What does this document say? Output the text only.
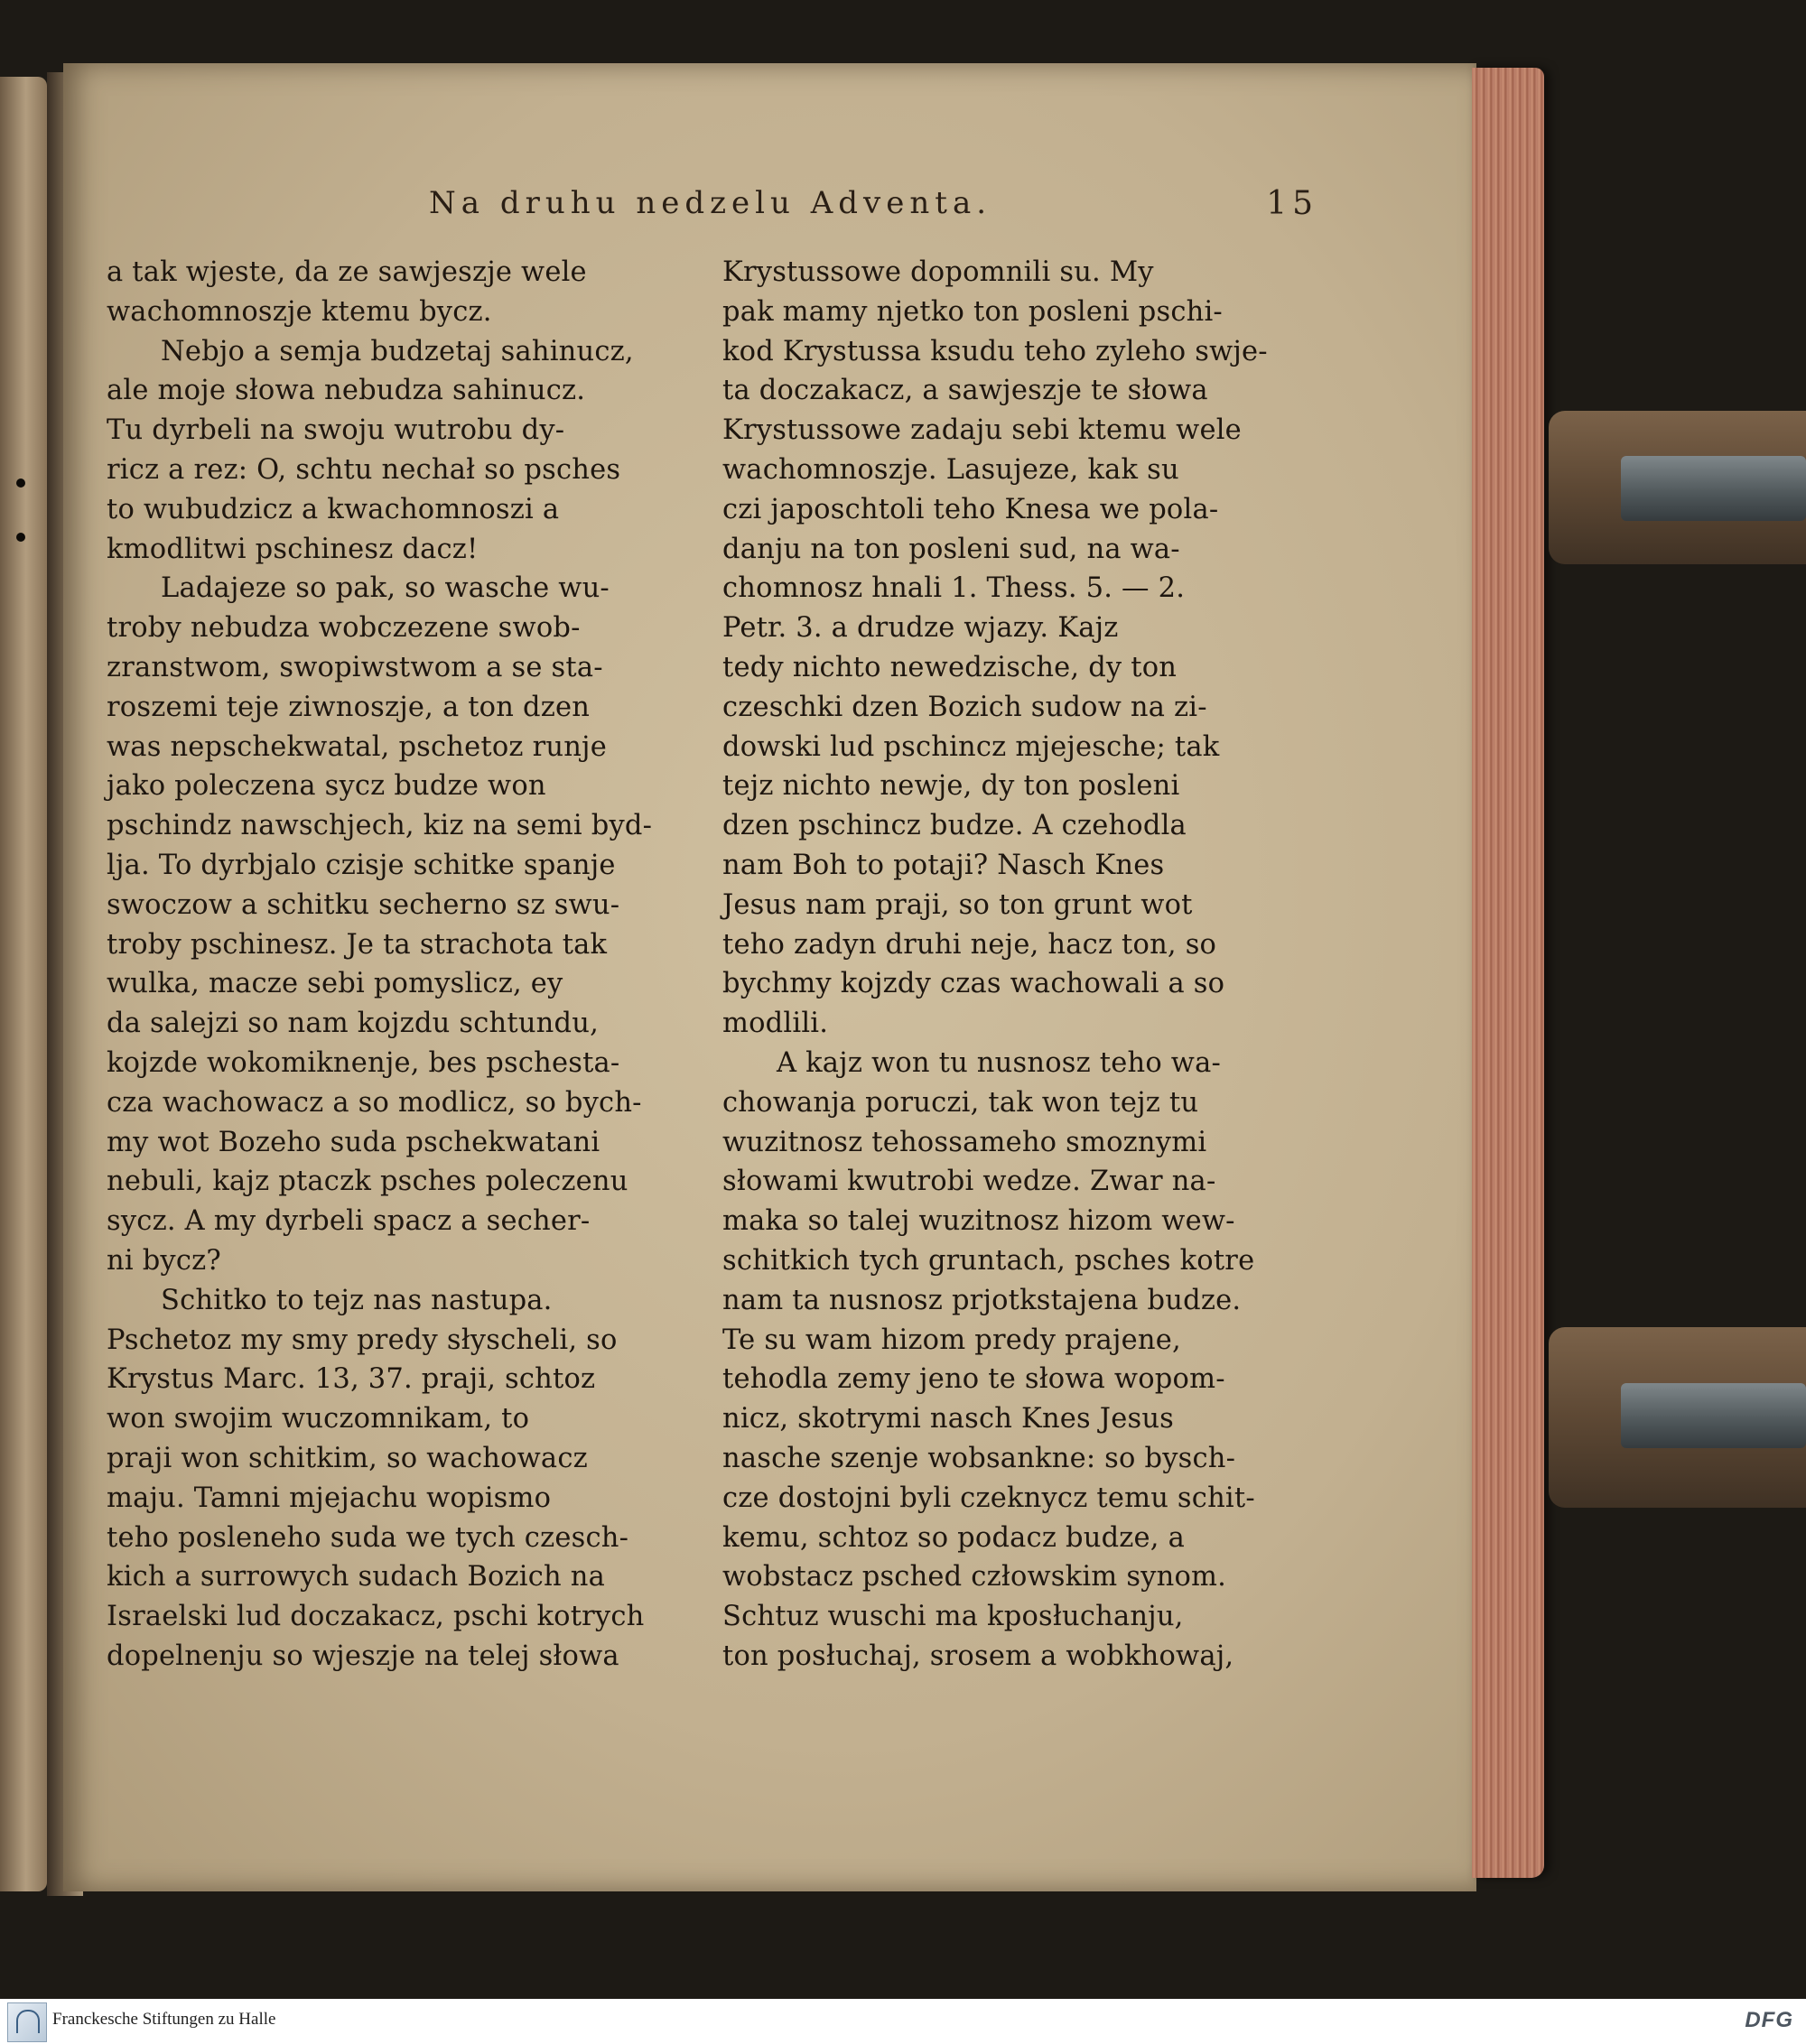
Na druhu nedzelu Adventa.	15

a tak wjeste, da ze sawjeszje wele

wachomnoszje ktemu bycz.

Nebjo a semja budzetaj sahinucz,

ale moje słowa nebudza sahinucz.

Tu dyrbeli na swoju wutrobu dy-

ricz a rez: O, schtu nechał so psches

to wubudzicz a kwachomnoszi a

kmodlitwi pschinesz dacz!

Ladajeze so pak, so wasche wu-

troby nebudza wobczezene swob-

zranstwom, swopiwstwom a se sta-

roszemi teje ziwnoszje, a ton dzen

was nepschekwatal, pschetoz runje

jako poleczena sycz budze won

pschindz nawschjech, kiz na semi byd-

lja. To dyrbjalo czisje schitke spanje

swoczow a schitku secherno sz swu-

troby pschinesz. Je ta strachota tak

wulka, macze sebi pomyslicz, ey

da salejzi so nam kojzdu schtundu,

kojzde wokomiknenje, bes pschesta-

cza wachowacz a so modlicz, so bych-

my wot Bozeho suda pschekwatani

nebuli, kajz ptaczk psches poleczenu

sycz. A my dyrbeli spacz a secher-

ni bycz?

Schitko to tejz nas nastupa.

Pschetoz my smy predy słyscheli, so

Krystus Marc. 13, 37. praji, schtoz

won swojim wuczomnikam, to

praji won schitkim, so wachowacz

maju. Tamni mjejachu wopismo

teho posleneho suda we tych czesch-

kich a surrowych sudach Bozich na

Israelski lud doczakacz, pschi kotrych

dopelnenju so wjeszje na telej słowa

Krystussowe dopomnili su. My

pak mamy njetko ton posleni pschi-

kod Krystussa ksudu teho zyleho swje-

ta doczakacz, a sawjeszje te słowa

Krystussowe zadaju sebi ktemu wele

wachomnoszje. Lasujeze, kak su

czi japoschtoli teho Knesa we pola-

danju na ton posleni sud, na wa-

chomnosz hnali 1. Thess. 5. — 2.

Petr. 3. a drudze wjazy. Kajz

tedy nichto newedzische, dy ton

czeschki dzen Bozich sudow na zi-

dowski lud pschincz mjejesche; tak

tejz nichto newje, dy ton posleni

dzen pschincz budze. A czehodla

nam Boh to potaji? Nasch Knes

Jesus nam praji, so ton grunt wot

teho zadyn druhi neje, hacz ton, so

bychmy kojzdy czas wachowali a so

modlili.

A kajz won tu nusnosz teho wa-

chowanja poruczi, tak won tejz tu

wuzitnosz tehossameho smoznymi

słowami kwutrobi wedze. Zwar na-

maka so talej wuzitnosz hizom wew-

schitkich tych gruntach, psches kotre

nam ta nusnosz prjotkstajena budze.

Te su wam hizom predy prajene,

tehodla zemy jeno te słowa wopom-

nicz, skotrymi nasch Knes Jesus

nasche szenje wobsankne: so bysch-

cze dostojni byli czeknycz temu schit-

kemu, schtoz so podacz budze, a

wobstacz psched człowskim synom.

Schtuz wuschi ma kposłuchanju,

ton posłuchaj, srosem a wobkhowaj,

Franckesche Stiftungen zu Halle	DFG
